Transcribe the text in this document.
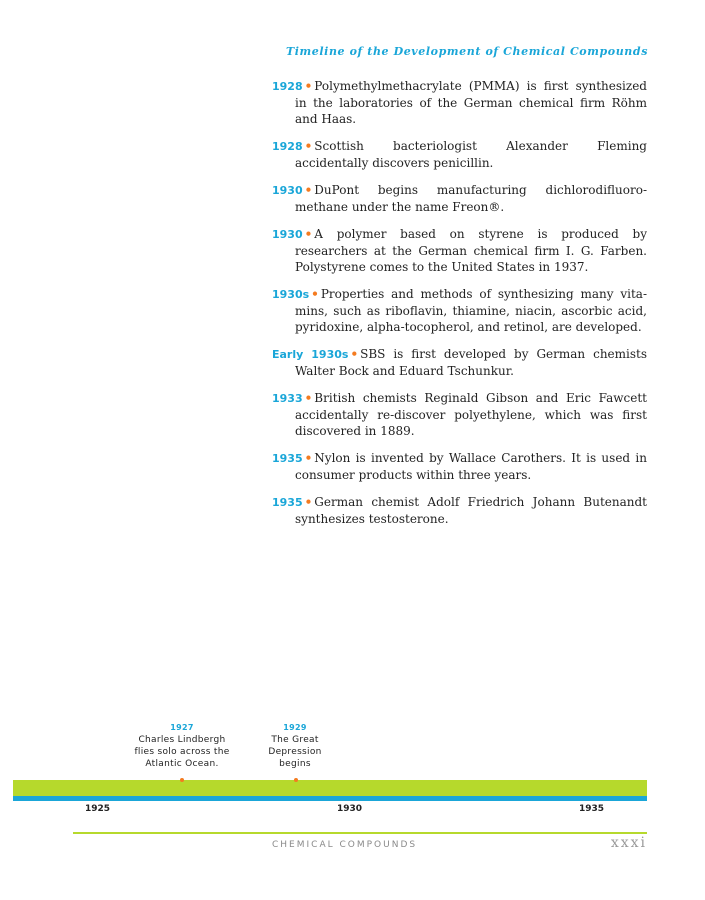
Timeline of the Development of Chemical Compounds
1928 • Polymethylmethacrylate (PMMA) is first synthesized in the laboratories of the German chemical firm Röhm and Haas.
1928 • Scottish bacteriologist Alexander Fleming accidentally discovers penicillin.
1930 • DuPont begins manufacturing dichlorodifluoro-methane under the name Freon®.
1930 • A polymer based on styrene is produced by researchers at the German chemical firm I. G. Farben. Polystyrene comes to the United States in 1937.
1930s • Properties and methods of synthesizing many vita-mins, such as riboflavin, thiamine, niacin, ascorbic acid, pyridoxine, alpha-tocopherol, and retinol, are developed.
Early 1930s • SBS is first developed by German chemists Walter Bock and Eduard Tschunkur.
1933 • British chemists Reginald Gibson and Eric Fawcett accidentally re-discover polyethylene, which was first discovered in 1889.
1935 • Nylon is invented by Wallace Carothers. It is used in consumer products within three years.
1935 • German chemist Adolf Friedrich Johann Butenandt synthesizes testosterone.
1927
Charles Lindbergh
flies solo across the
Atlantic Ocean.
1929
The Great
Depression
begins
1925	1930	1935
CHEMICAL COMPOUNDS	xxxi
